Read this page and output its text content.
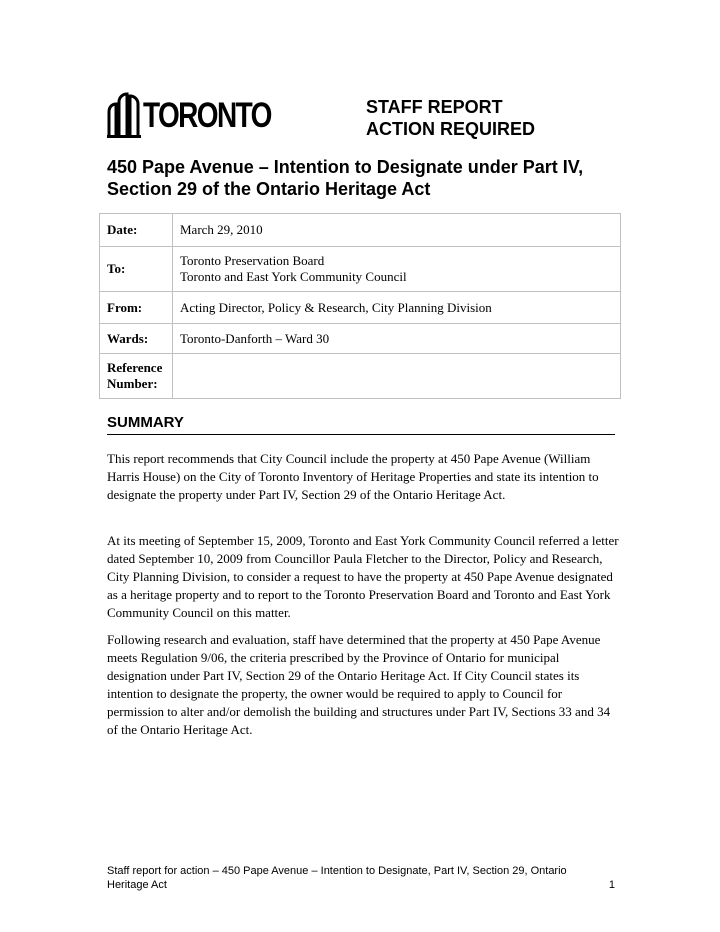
TORONTO	STAFF REPORT
ACTION REQUIRED
450 Pape Avenue – Intention to Designate under Part IV,
Section 29 of the Ontario Heritage Act
Date:	March 29, 2010
To:	Toronto Preservation Board
Toronto and East York Community Council

From:	Acting Director, Policy & Research, City Planning Division
Wards:	Toronto-Danforth – Ward 30

Reference
Number:	

SUMMARY

This report recommends that City Council include the property at 450 Pape Avenue (William Harris House) on the City of Toronto Inventory of Heritage Properties and state its intention to designate the property under Part IV, Section 29 of the Ontario Heritage Act.

At its meeting of September 15, 2009, Toronto and East York Community Council referred a letter dated September 10, 2009 from Councillor Paula Fletcher to the Director, Policy and Research, City Planning Division, to consider a request to have the property at 450 Pape Avenue designated as a heritage property and to report to the Toronto Preservation Board and Toronto and East York Community Council on this matter.

Following research and evaluation, staff have determined that the property at 450 Pape Avenue meets Regulation 9/06, the criteria prescribed by the Province of Ontario for municipal designation under Part IV, Section 29 of the Ontario Heritage Act. If City Council states its intention to designate the property, the owner would be required to apply to Council for permission to alter and/or demolish the building and structures under Part IV, Sections 33 and 34 of the Ontario Heritage Act.

Staff report for action – 450 Pape Avenue – Intention to Designate, Part IV, Section 29, Ontario
Heritage Act	1
